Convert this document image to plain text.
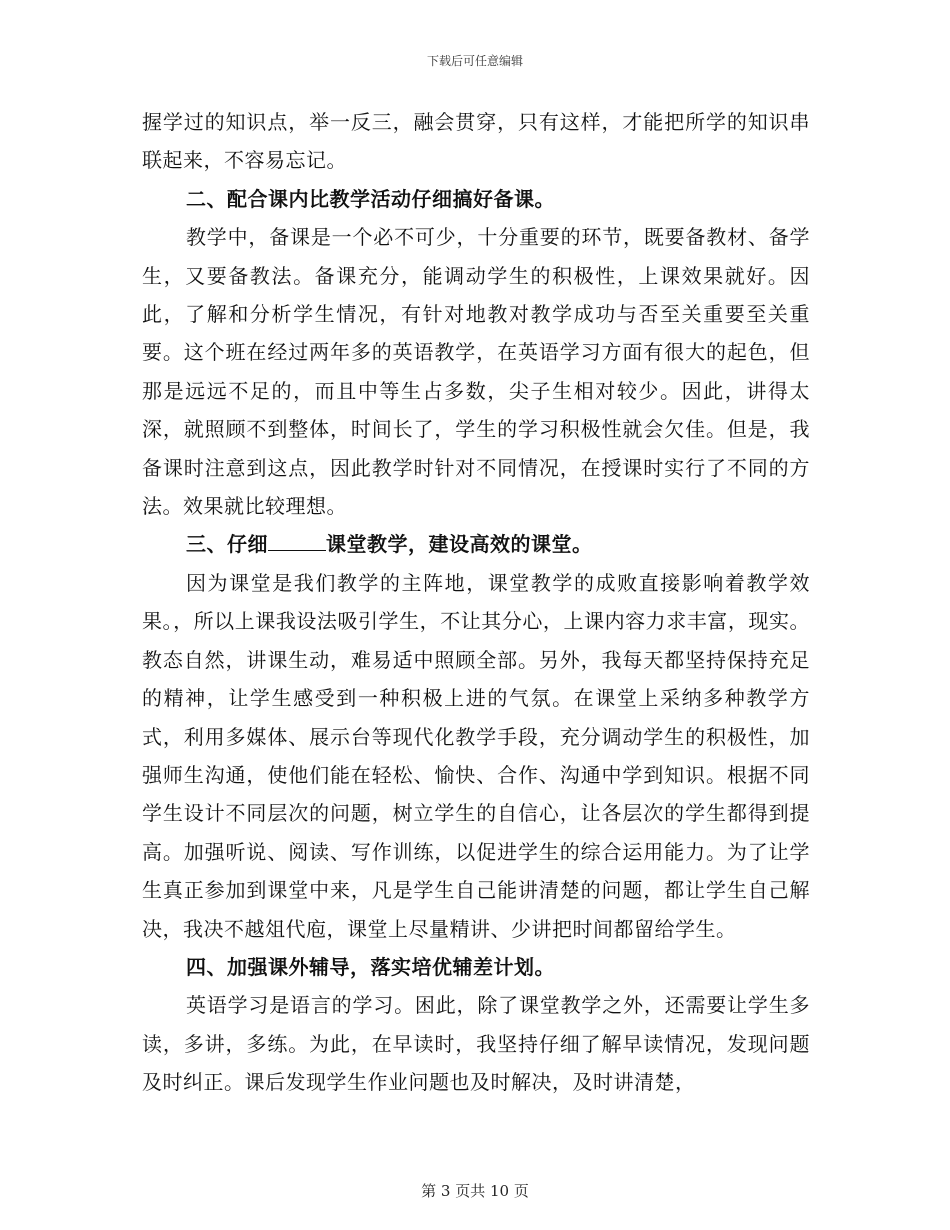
下载后可任意编辑

握学过的知识点，举一反三，融会贯穿，只有这样，才能把所学的知识串联起来，不容易忘记。

二、配合课内比教学活动仔细搞好备课。

教学中，备课是一个必不可少，十分重要的环节，既要备教材、备学生，又要备教法。备课充分，能调动学生的积极性，上课效果就好。因此，了解和分析学生情况，有针对地教对教学成功与否至关重要至关重要。这个班在经过两年多的英语教学，在英语学习方面有很大的起色，但那是远远不足的，而且中等生占多数，尖子生相对较少。因此，讲得太深，就照顾不到整体，时间长了，学生的学习积极性就会欠佳。但是，我备课时注意到这点，因此教学时针对不同情况，在授课时实行了不同的方法。效果就比较理想。

三、仔细	课堂教学，建设高效的课堂。

因为课堂是我们教学的主阵地，课堂教学的成败直接影响着教学效果。，所以上课我设法吸引学生，不让其分心，上课内容力求丰富，现实。教态自然，讲课生动，难易适中照顾全部。另外，我每天都坚持保持充足的精神，让学生感受到一种积极上进的气氛。在课堂上采纳多种教学方式，利用多媒体、展示台等现代化教学手段，充分调动学生的积极性，加强师生沟通，使他们能在轻松、愉快、合作、沟通中学到知识。根据不同学生设计不同层次的问题，树立学生的自信心，让各层次的学生都得到提高。加强听说、阅读、写作训练，以促进学生的综合运用能力。为了让学生真正参加到课堂中来，凡是学生自己能讲清楚的问题，都让学生自己解决，我决不越俎代庖，课堂上尽量精讲、少讲把时间都留给学生。

四、加强课外辅导，落实培优辅差计划。

英语学习是语言的学习。困此，除了课堂教学之外，还需要让学生多读，多讲，多练。为此，在早读时，我坚持仔细了解早读情况，发现问题及时纠正。课后发现学生作业问题也及时解决，及时讲清楚，

第 3 页共 10 页
